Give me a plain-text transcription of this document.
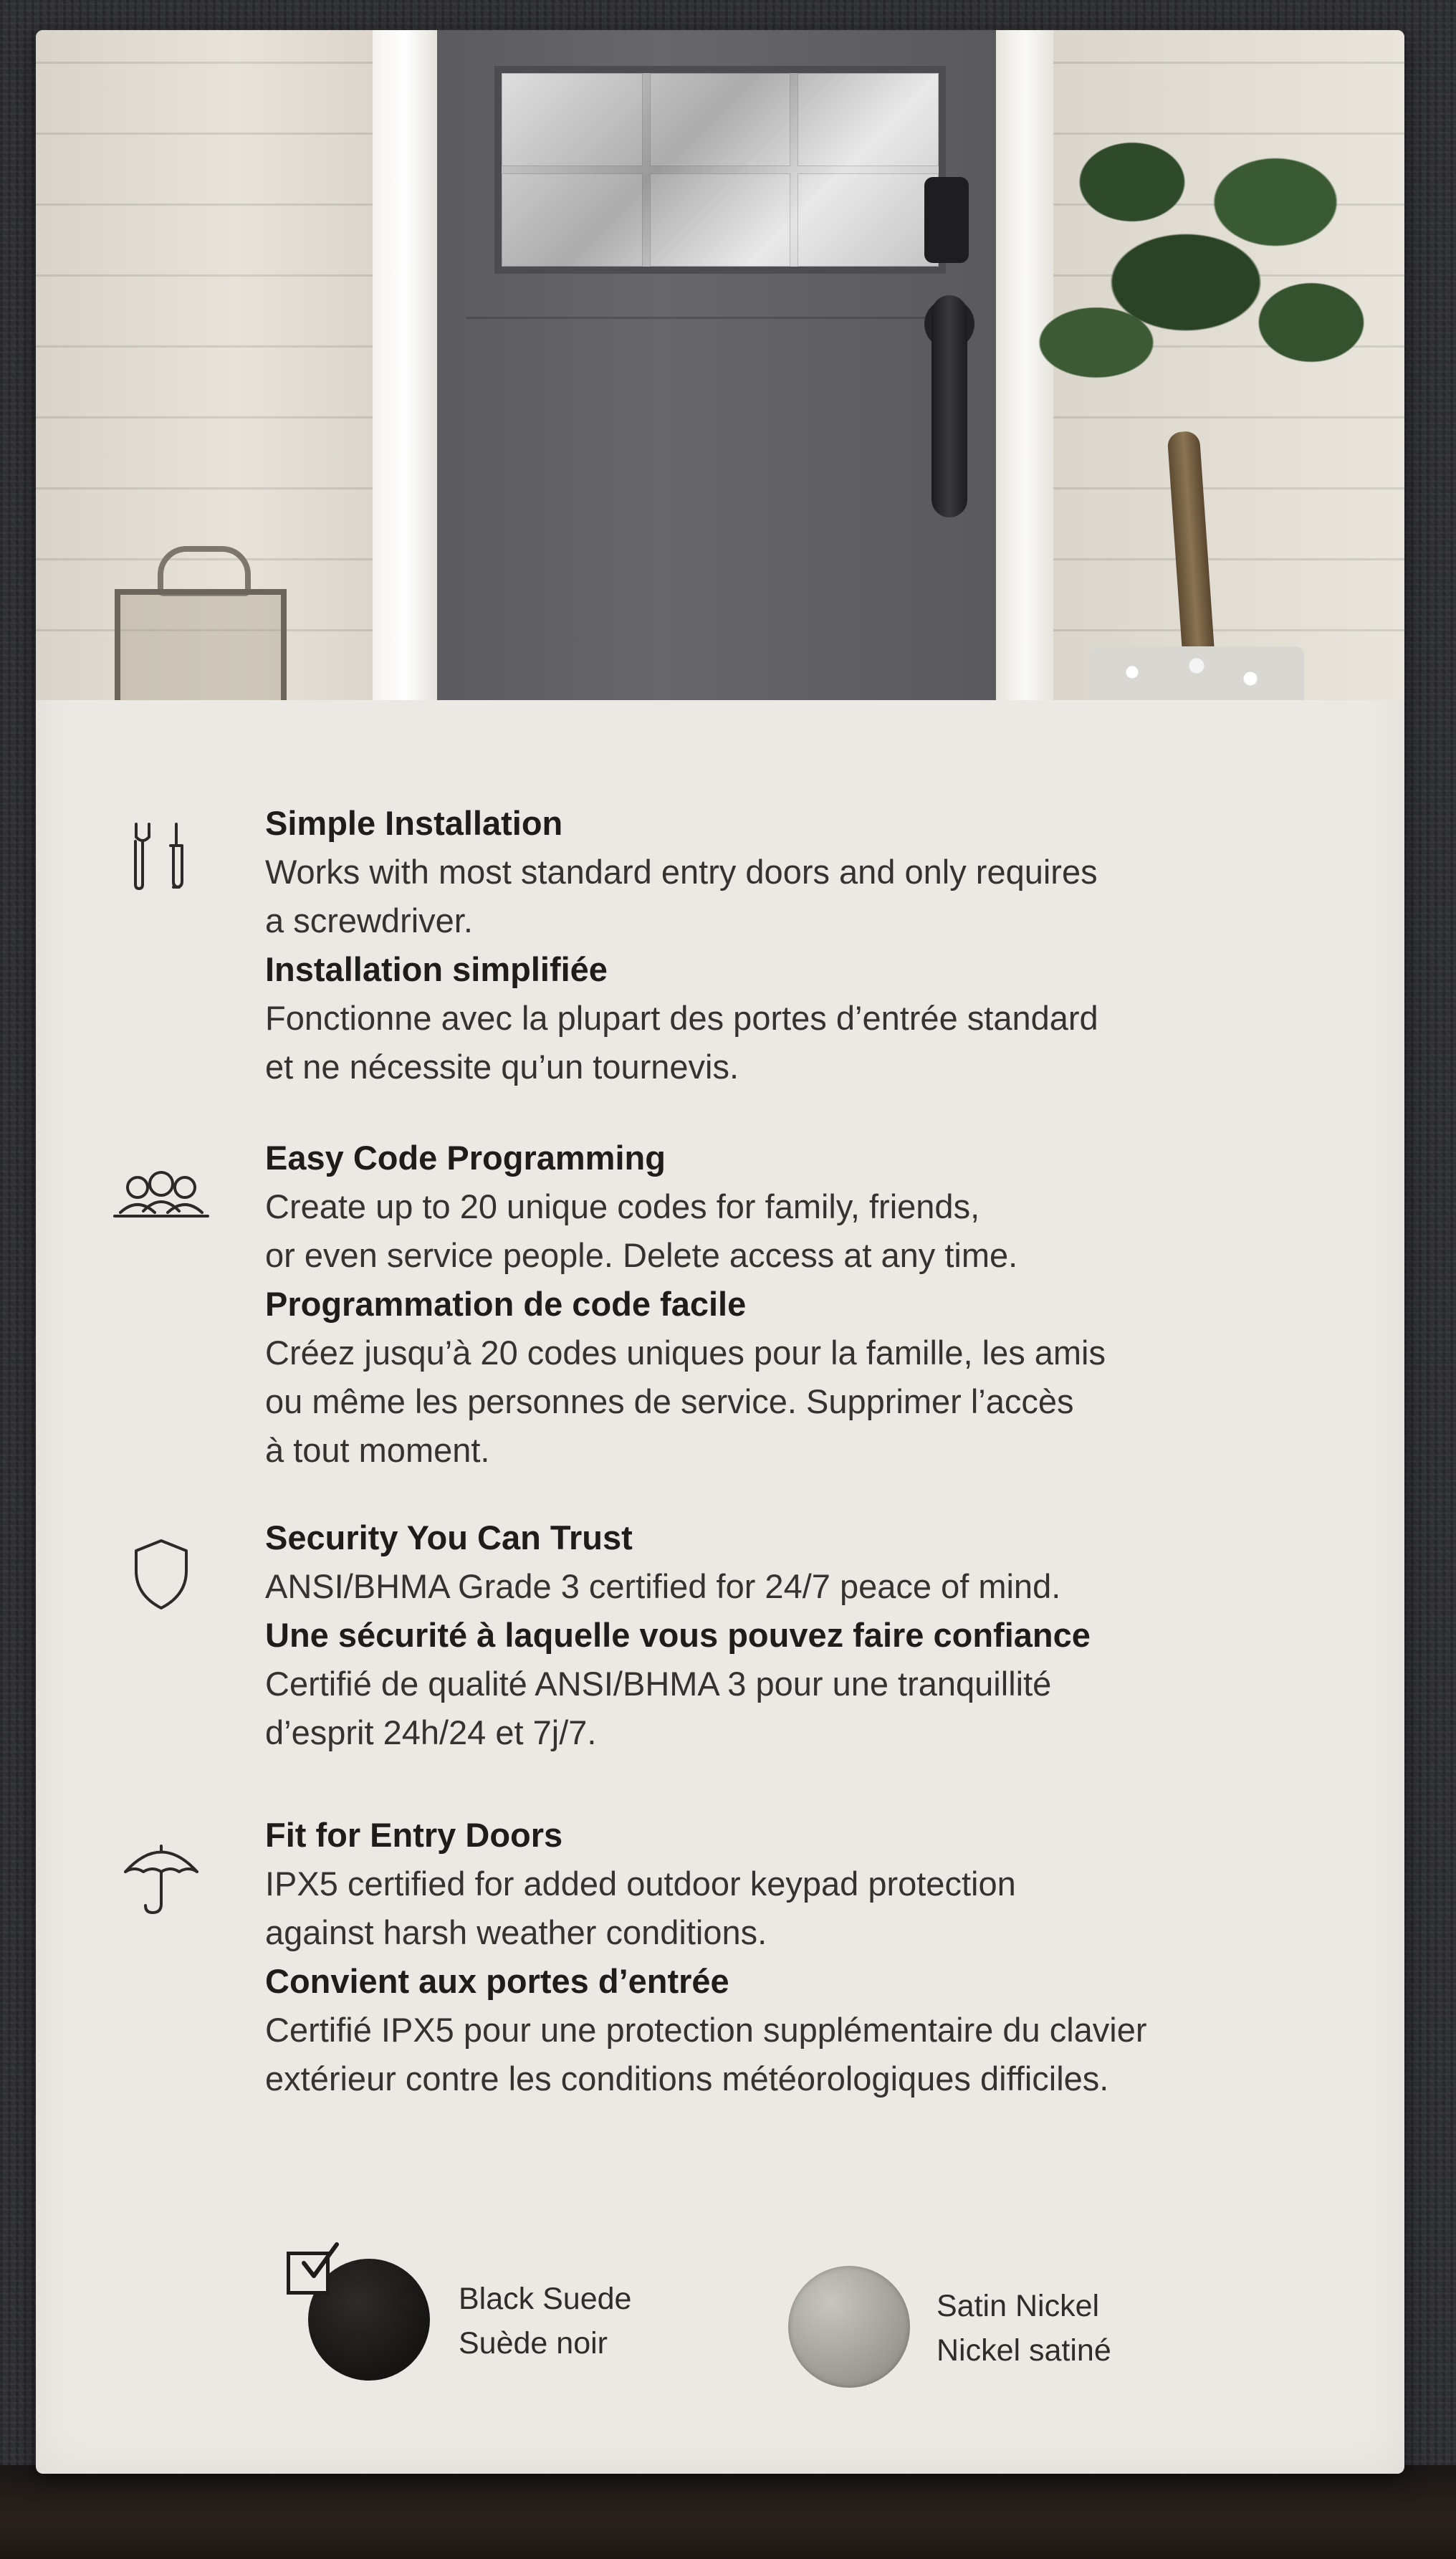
Simple Installation

Works with most standard entry doors and only requires
a screwdriver.

Installation simplifiée

Fonctionne avec la plupart des portes d’entrée standard
et ne nécessite qu’un tournevis.

Easy Code Programming

Create up to 20 unique codes for family, friends,
or even service people. Delete access at any time.

Programmation de code facile

Créez jusqu’à 20 codes uniques pour la famille, les amis
ou même les personnes de service. Supprimer l’accès
à tout moment.

Security You Can Trust

ANSI/BHMA Grade 3 certified for 24/7 peace of mind.

Une sécurité à laquelle vous pouvez faire confiance

Certifié de qualité ANSI/BHMA 3 pour une tranquillité
d’esprit 24h/24 et 7j/7.

Fit for Entry Doors

IPX5 certified for added outdoor keypad protection
against harsh weather conditions.

Convient aux portes d’entrée

Certifié IPX5 pour une protection supplémentaire du clavier
extérieur contre les conditions météorologiques difficiles.

Black Suede
Suède noir
Satin Nickel
Nickel satiné
